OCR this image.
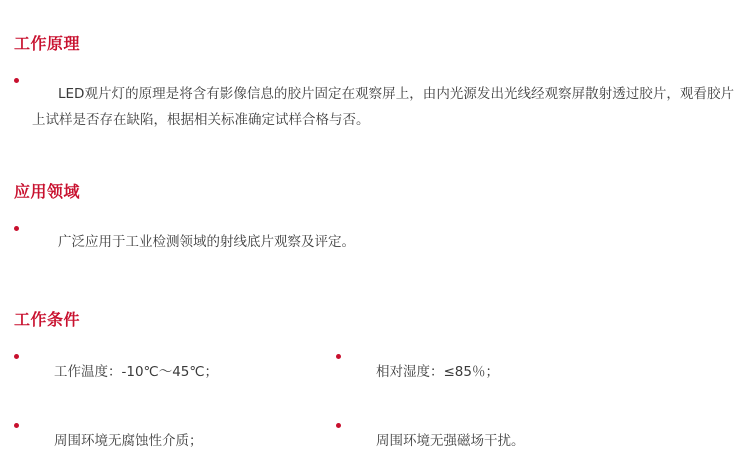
工作原理

LED观片灯的原理是将含有影像信息的胶片固定在观察屏上，由内光源发出光线经观察屏散射透过胶片，观看胶片上试样是否存在缺陷，根据相关标准确定试样合格与否。

应用领域

广泛应用于工业检测领域的射线底片观察及评定。

工作条件

工作温度：-10℃～45℃；	相对湿度：≤85％；

周围环境无腐蚀性介质；	周围环境无强磁场干扰。
